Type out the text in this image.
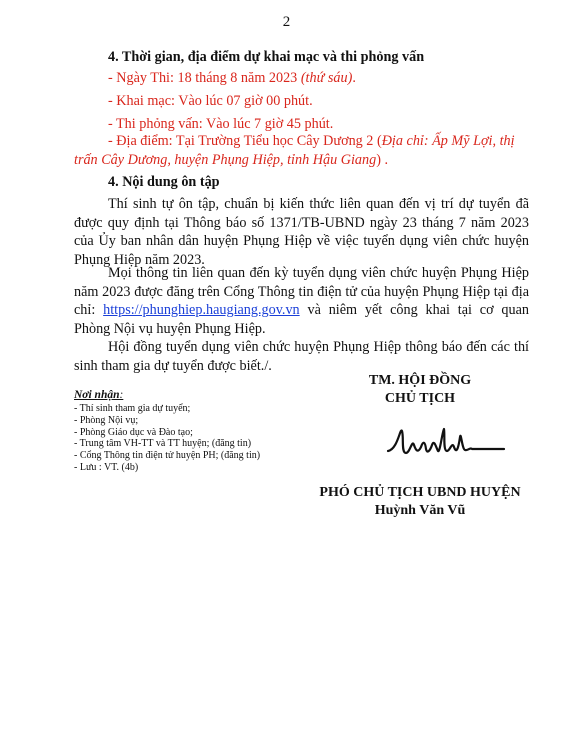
2

4. Thời gian, địa điểm dự khai mạc và thi phỏng vấn

- Ngày Thi: 18 tháng 8 năm 2023 (thứ sáu).

- Khai mạc: Vào lúc 07 giờ 00 phút.

- Thi phỏng vấn: Vào lúc 7 giờ 45 phút.

- Địa điểm: Tại Trường Tiểu học Cây Dương 2 (Địa chỉ: Ấp Mỹ Lợi, thị trấn Cây Dương, huyện Phụng Hiệp, tỉnh Hậu Giang) .

4. Nội dung ôn tập

Thí sinh tự ôn tập, chuẩn bị kiến thức liên quan đến vị trí dự tuyển đã được quy định tại Thông báo số 1371/TB-UBND ngày 23 tháng 7 năm 2023 của Ủy ban nhân dân huyện Phụng Hiệp về việc tuyển dụng viên chức huyện Phụng Hiệp năm 2023.

Mọi thông tin liên quan đến kỳ tuyển dụng viên chức huyện Phụng Hiệp năm 2023 được đăng trên Cổng Thông tin điện tử của huyện Phụng Hiệp tại địa chỉ: https://phunghiep.haugiang.gov.vn và niêm yết công khai tại cơ quan Phòng Nội vụ huyện Phụng Hiệp.

Hội đồng tuyển dụng viên chức huyện Phụng Hiệp thông báo đến các thí sinh tham gia dự tuyển được biết./.

Nơi nhận:

- Thí sinh tham gia dự tuyển;
- Phòng Nội vụ;
- Phòng Giáo dục và Đào tạo;
- Trung tâm VH-TT và TT huyện; (đăng tin)
- Cổng Thông tin điện tử huyện PH; (đăng tin)
- Lưu : VT. (4b)
TM. HỘI ĐỒNG
CHỦ TỊCH
PHÓ CHỦ TỊCH UBND HUYỆN
Huỳnh Văn Vũ
